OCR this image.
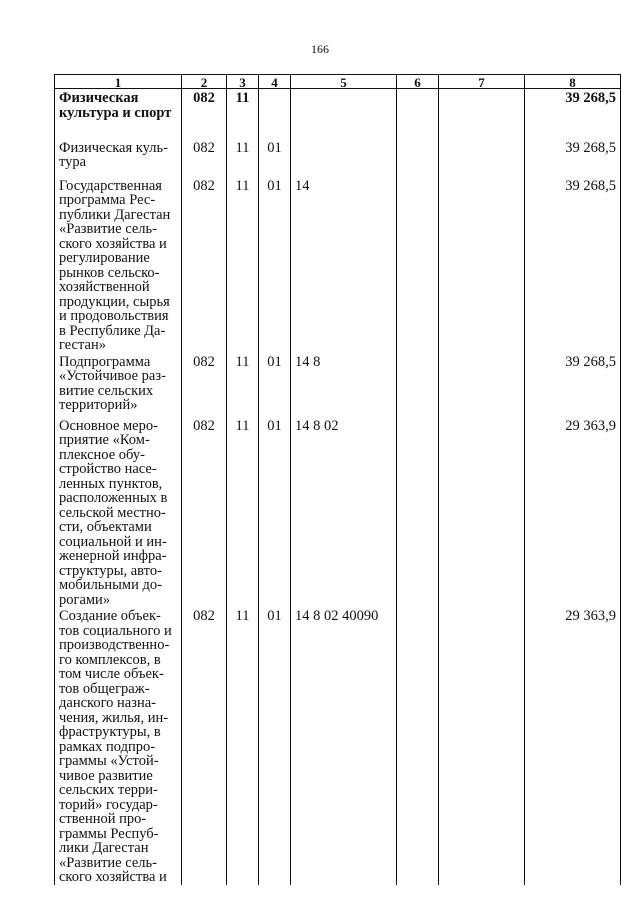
166
1	2	3	4	5	6	7	8
Физическая культура и спорт	082	11					39 268,5
Физическая куль-тура	082	11	01				39 268,5
Государственная программа Рес-публики Дагестан «Развитие сель-ского хозяйства и регулирование рынков сельско-хозяйственной продукции, сырья и продовольствия в Республике Да-гестан»	082	11	01	14			39 268,5
Подпрограмма «Устойчивое раз-витие сельских территорий»	082	11	01	14 8			39 268,5
Основное меро-приятие «Ком-плексное обу-стройство насе-ленных пунктов, расположенных в сельской местно-сти, объектами социальной и ин-женерной инфра-структуры, авто-мобильными до-рогами»	082	11	01	14 8 02			29 363,9
Создание объек-тов социального и производственно-го комплексов, в том числе объек-тов общеграж-данского назна-чения, жилья, ин-фраструктуры, в рамках подпро-граммы «Устой-чивое развитие сельских терри-торий» государ-ственной про-граммы Респуб-лики Дагестан «Развитие сель-ского хозяйства и	082	11	01	14 8 02 40090			29 363,9
